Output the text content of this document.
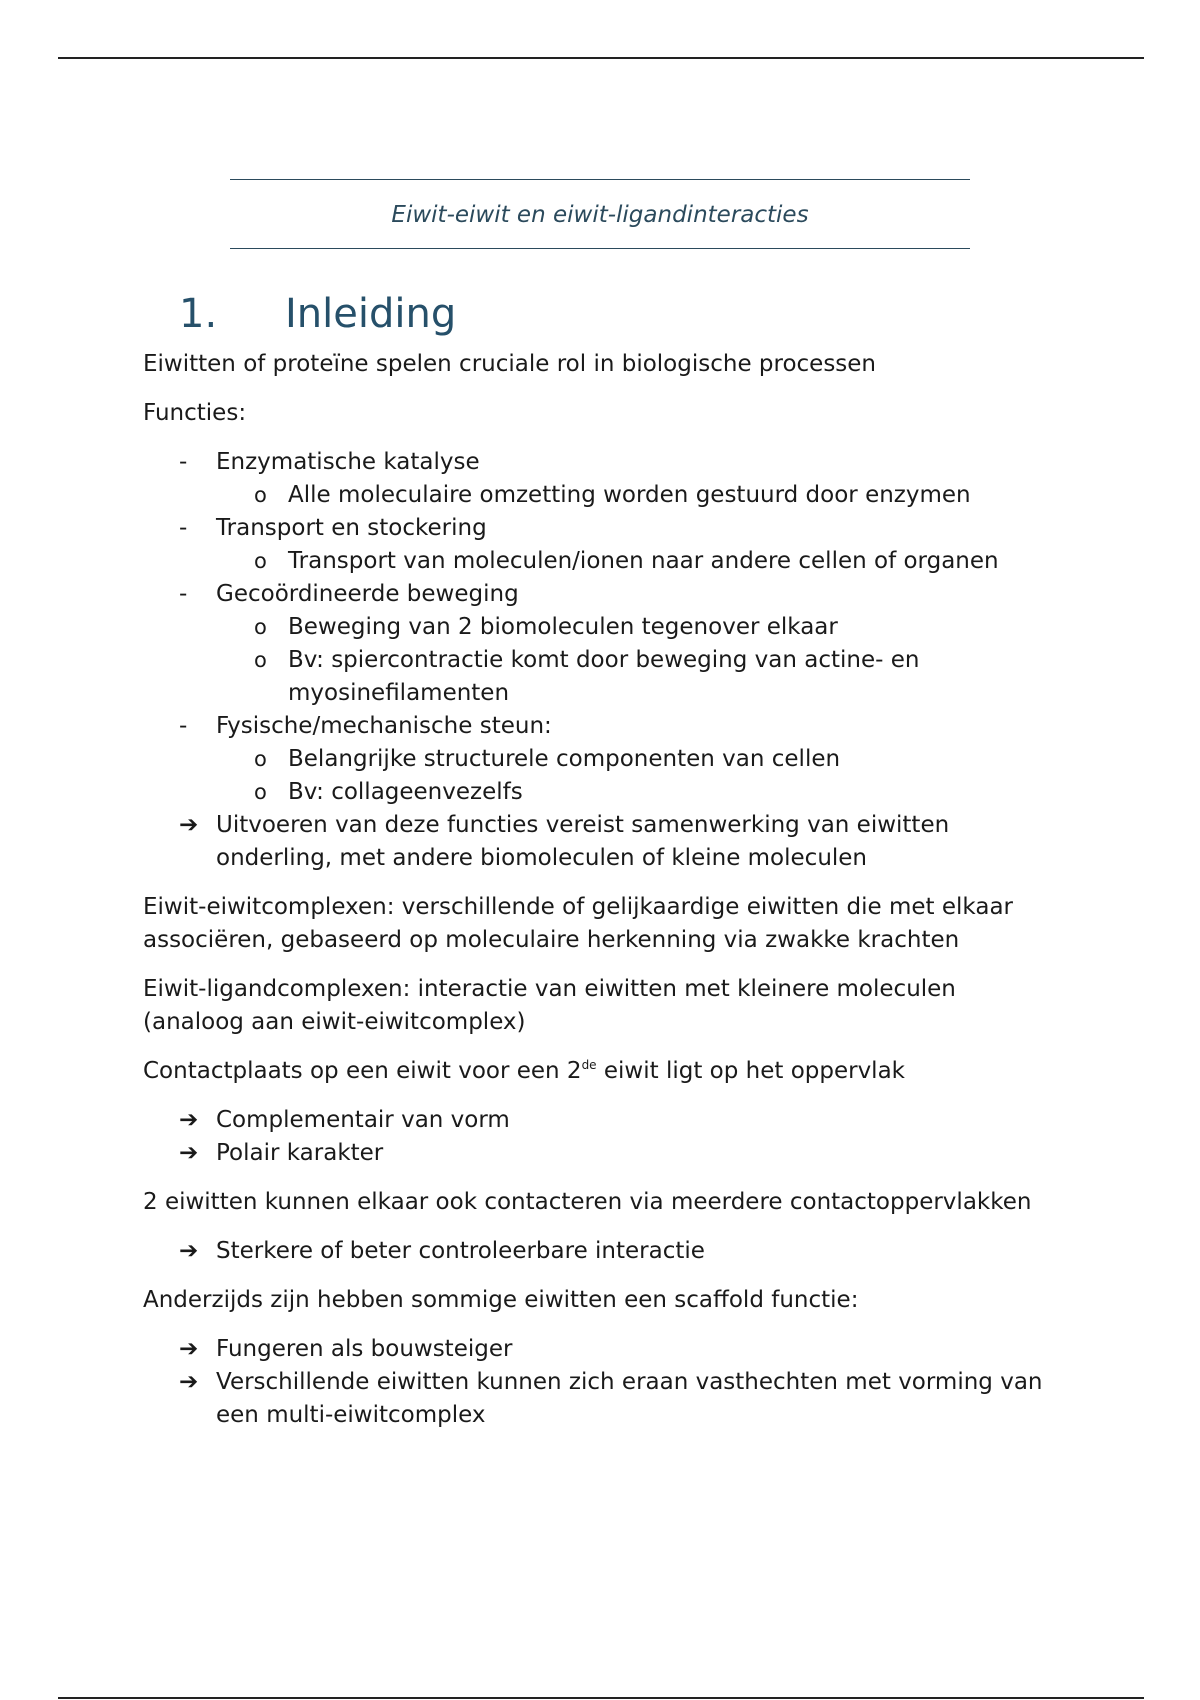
Eiwit-eiwit en eiwit-ligandinteracties
1. Inleiding

Eiwitten of proteïne spelen cruciale rol in biologische processen

Functies:

- Enzymatische katalyse
o Alle moleculaire omzetting worden gestuurd door enzymen
- Transport en stockering
o Transport van moleculen/ionen naar andere cellen of organen
- Gecoördineerde beweging
o Beweging van 2 biomoleculen tegenover elkaar
o Bv: spiercontractie komt door beweging van actine- en myosinefilamenten
- Fysische/mechanische steun:
o Belangrijke structurele componenten van cellen
o Bv: collageenvezelfs
➔ Uitvoeren van deze functies vereist samenwerking van eiwitten onderling, met andere biomoleculen of kleine moleculen

Eiwit-eiwitcomplexen: verschillende of gelijkaardige eiwitten die met elkaar associëren, gebaseerd op moleculaire herkenning via zwakke krachten

Eiwit-ligandcomplexen: interactie van eiwitten met kleinere moleculen (analoog aan eiwit-eiwitcomplex)

Contactplaats op een eiwit voor een 2de eiwit ligt op het oppervlak

➔ Complementair van vorm
➔ Polair karakter

2 eiwitten kunnen elkaar ook contacteren via meerdere contactoppervlakken

➔ Sterkere of beter controleerbare interactie

Anderzijds zijn hebben sommige eiwitten een scaffold functie:

➔ Fungeren als bouwsteiger
➔ Verschillende eiwitten kunnen zich eraan vasthechten met vorming van een multi-eiwitcomplex
